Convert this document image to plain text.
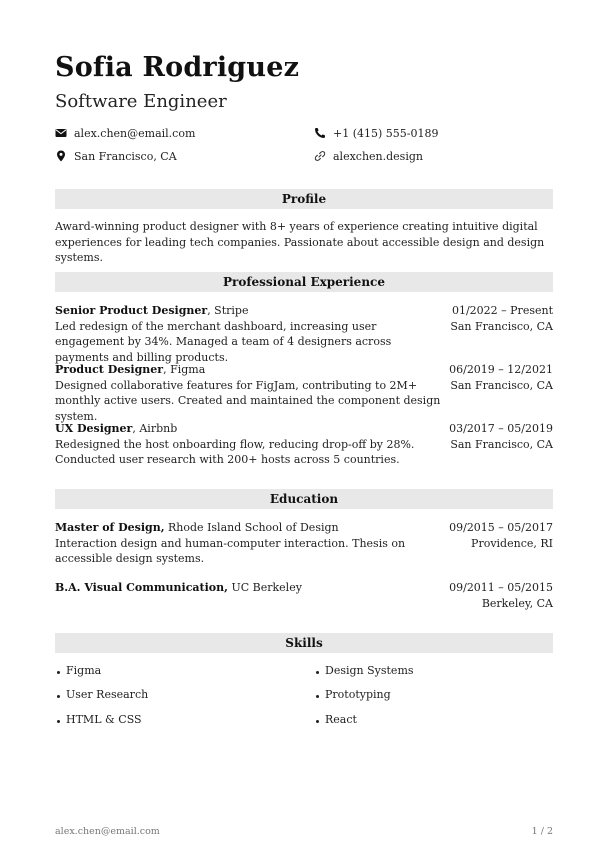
Sofia Rodriguez
Software Engineer
alex.chen@email.com	+1 (415) 555-0189
San Francisco, CA	alexchen.design
Profile
Award-winning product designer with 8+ years of experience creating intuitive digital experiences for leading tech companies. Passionate about accessible design and design systems.
Professional Experience
Senior Product Designer, Stripe
Led redesign of the merchant dashboard, increasing user engagement by 34%. Managed a team of 4 designers across payments and billing products.
01/2022 – Present
San Francisco, CA
Product Designer, Figma
Designed collaborative features for FigJam, contributing to 2M+ monthly active users. Created and maintained the component design system.
06/2019 – 12/2021
San Francisco, CA
UX Designer, Airbnb
Redesigned the host onboarding flow, reducing drop-off by 28%. Conducted user research with 200+ hosts across 5 countries.
03/2017 – 05/2019
San Francisco, CA
Education
Master of Design, Rhode Island School of Design
Interaction design and human-computer interaction. Thesis on accessible design systems.
09/2015 – 05/2017
Providence, RI
B.A. Visual Communication, UC Berkeley	09/2011 – 05/2015
Berkeley, CA
Skills
Figma
User Research
HTML & CSS
Design Systems
Prototyping
React
alex.chen@email.com	1 / 2
